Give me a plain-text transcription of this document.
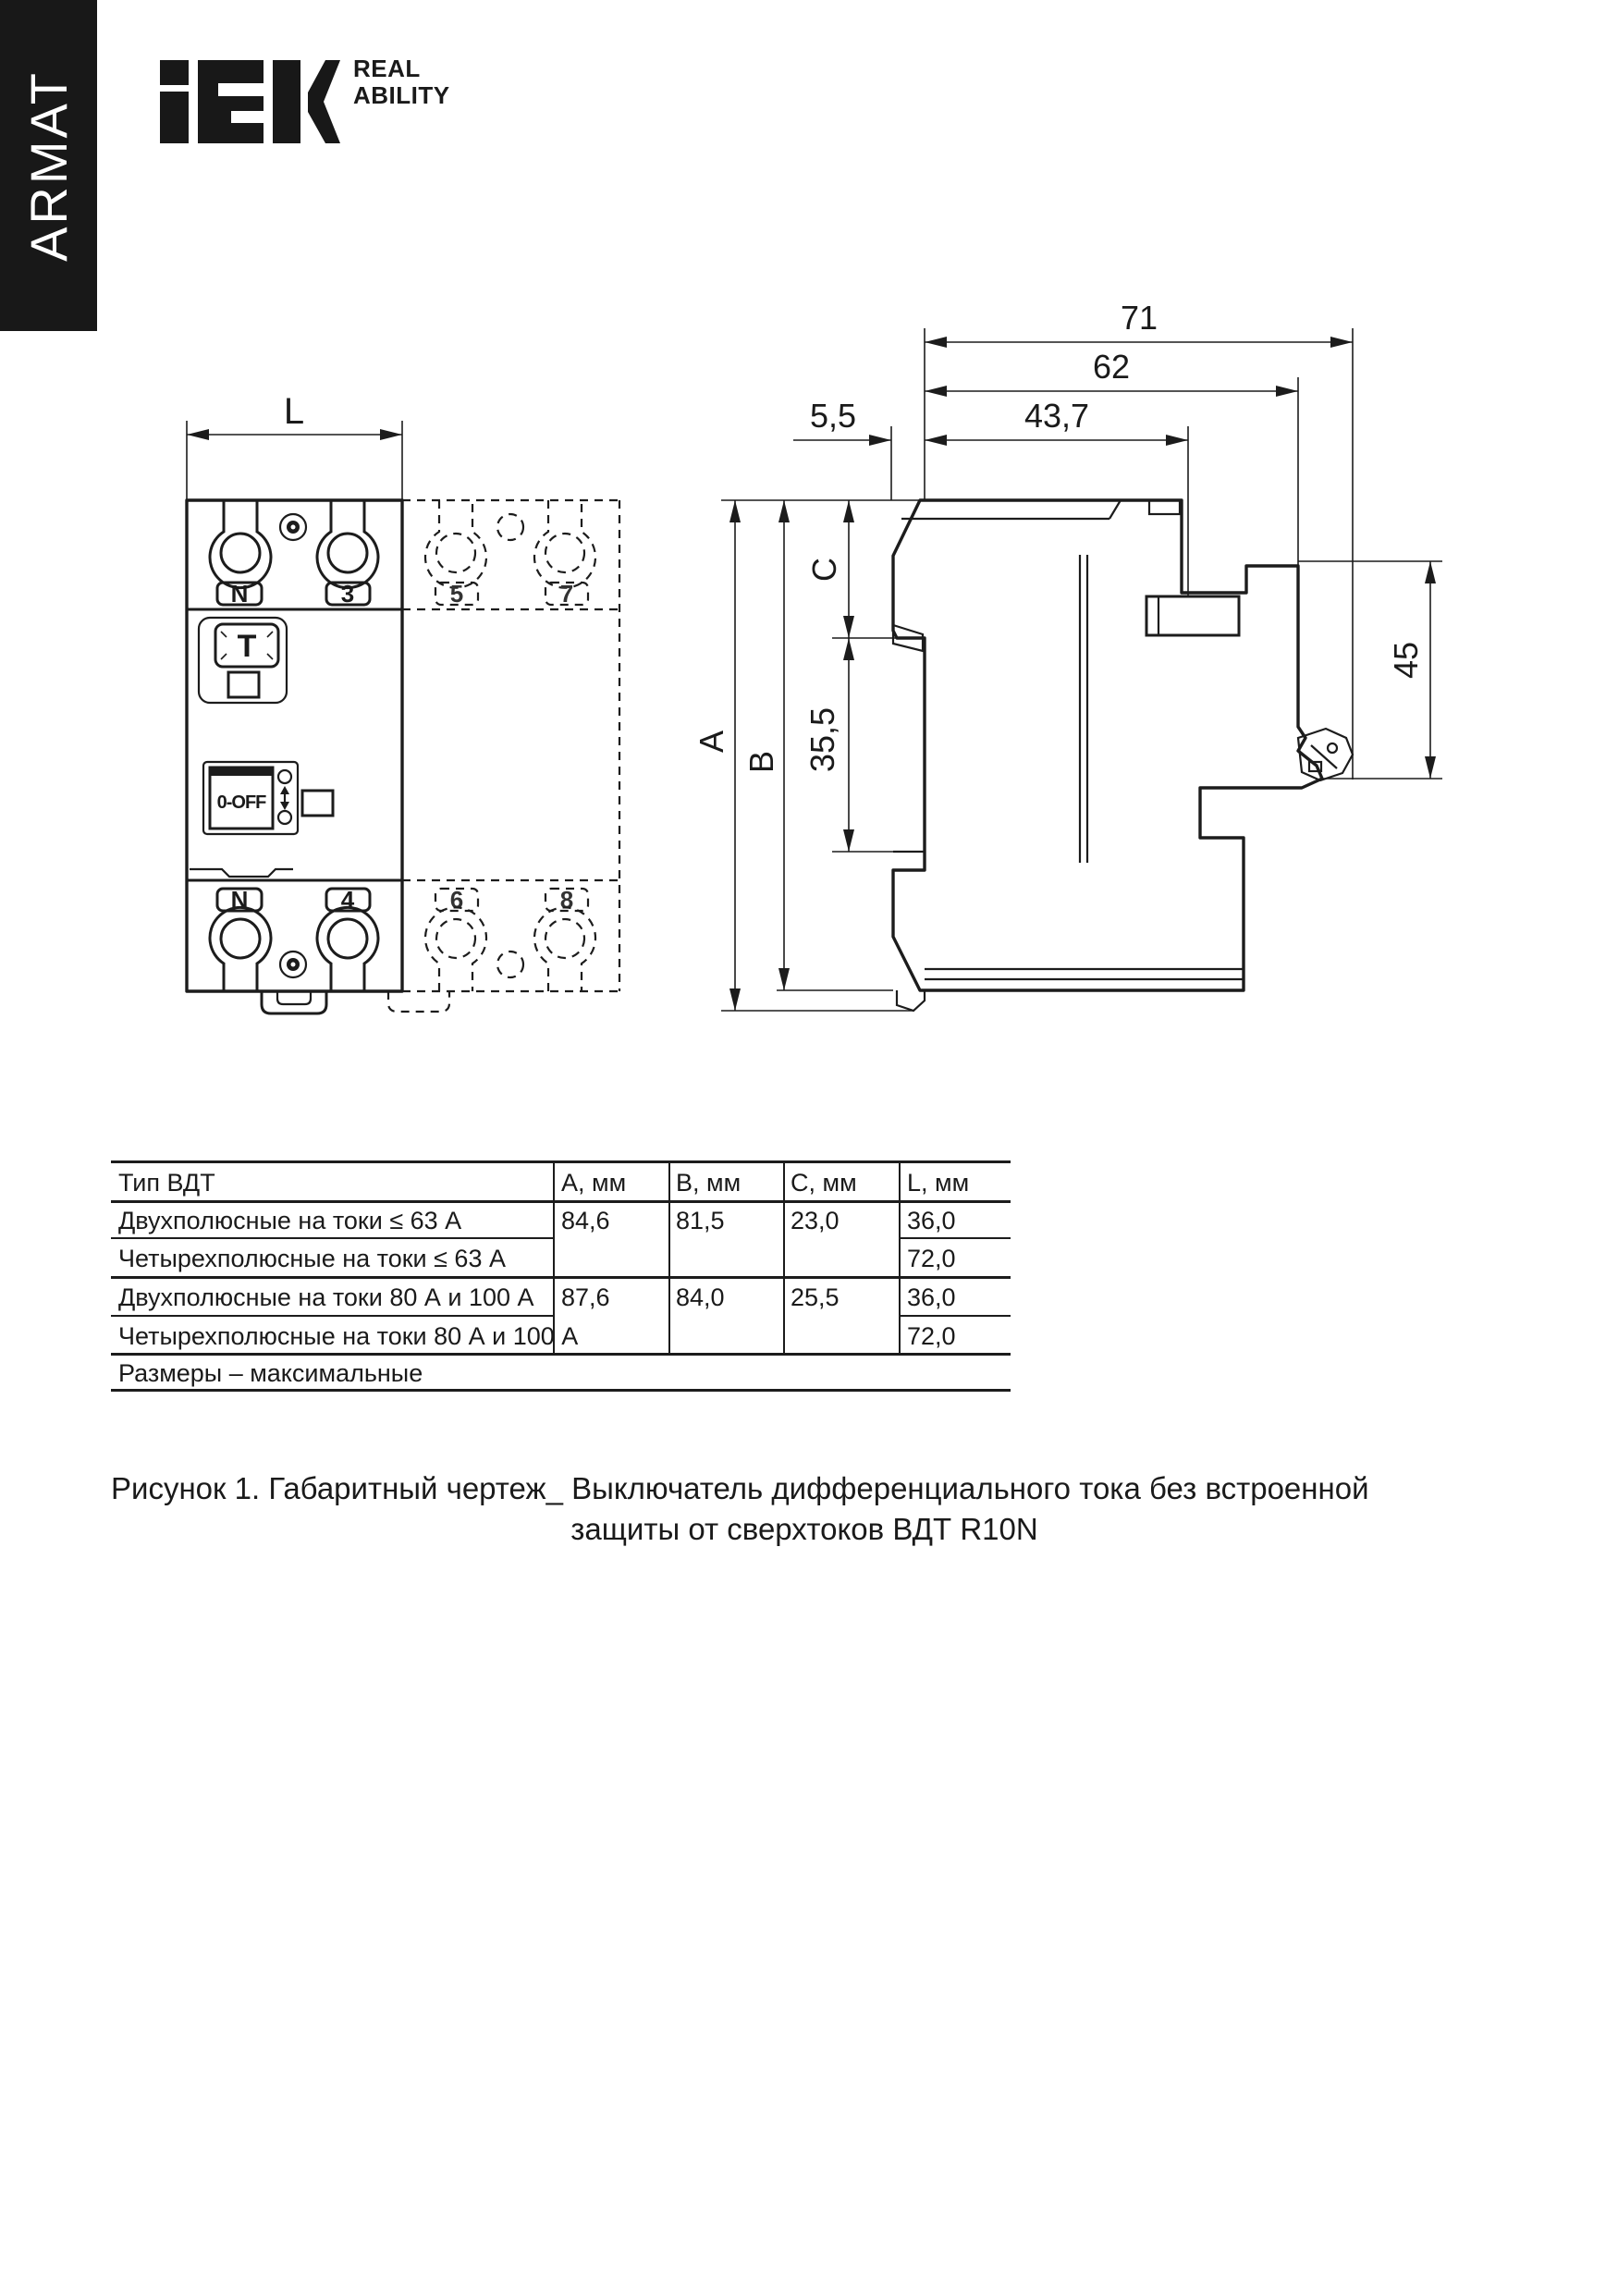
ARMAT
REAL
ABILITY
L
N	3
T
0-OFF
N	4
5	7
6	8
71
62
43,7
5,5
A
B
C
35,5
45
Тип ВДТ	A, мм B, мм C, мм L, мм
Двухполюсные на токи ≤ 63 А	84,6	81,5	23,0	36,0
Четырехполюсные на токи ≤ 63 А	72,0
Двухполюсные на токи 80 А и 100 А 87,6	84,0	25,5	36,0
Четырехполюсные на токи 80 А и 100 А	72,0
Размеры – максимальные
Рисунок 1. Габаритный чертеж_ Выключатель дифференциального тока без встроенной
защиты от сверхтоков ВДТ R10N
